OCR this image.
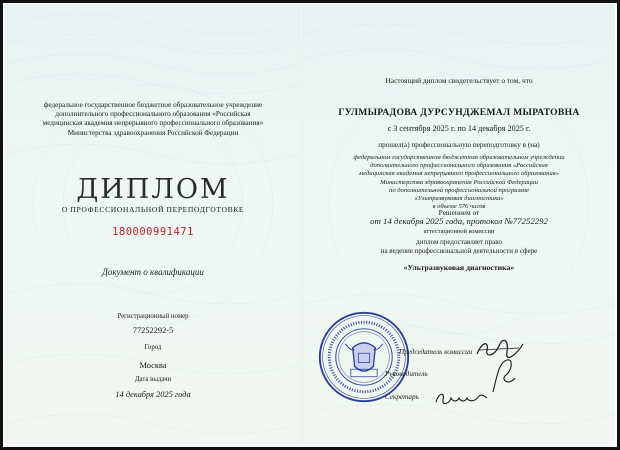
федеральное государственное бюджетное образовательное учреждение
дополнительного профессионального образования «Российская
медицинская академия непрерывного профессионального образования»
Министерства здравоохранения Российской Федерации
ДИПЛОМ
О ПРОФЕССИОНАЛЬНОЙ ПЕРЕПОДГОТОВКЕ
180000991471
Документ о квалификации
Регистрационный номер
77252292-5
Город
Москва
Дата выдачи
14 декабря 2025 года
Настоящий диплом свидетельствует о том, что
ГУЛМЫРАДОВА ДУРСУНДЖЕМАЛ МЫРАТОВНА
с 3 сентября 2025 г. по 14 декабря 2025 г.
прошел(а) профессиональную переподготовку в (на)
федеральном государственном бюджетном образовательном учреждении
дополнительного профессионального образования «Российская
медицинская академия непрерывного профессионального образования»
Министерства здравоохранения Российской Федерации
по дополнительной профессиональной программе
«Ультразвуковая диагностика»
в объеме 576 часов
Решением от
от 14 декабря 2025 года, протокол №77252292
аттестационной комиссии
диплом предоставляет право
на ведение профессиональной деятельности в сфере
«Ультразвуковая диагностика»
Председатель комиссии
Руководитель
Секретарь
